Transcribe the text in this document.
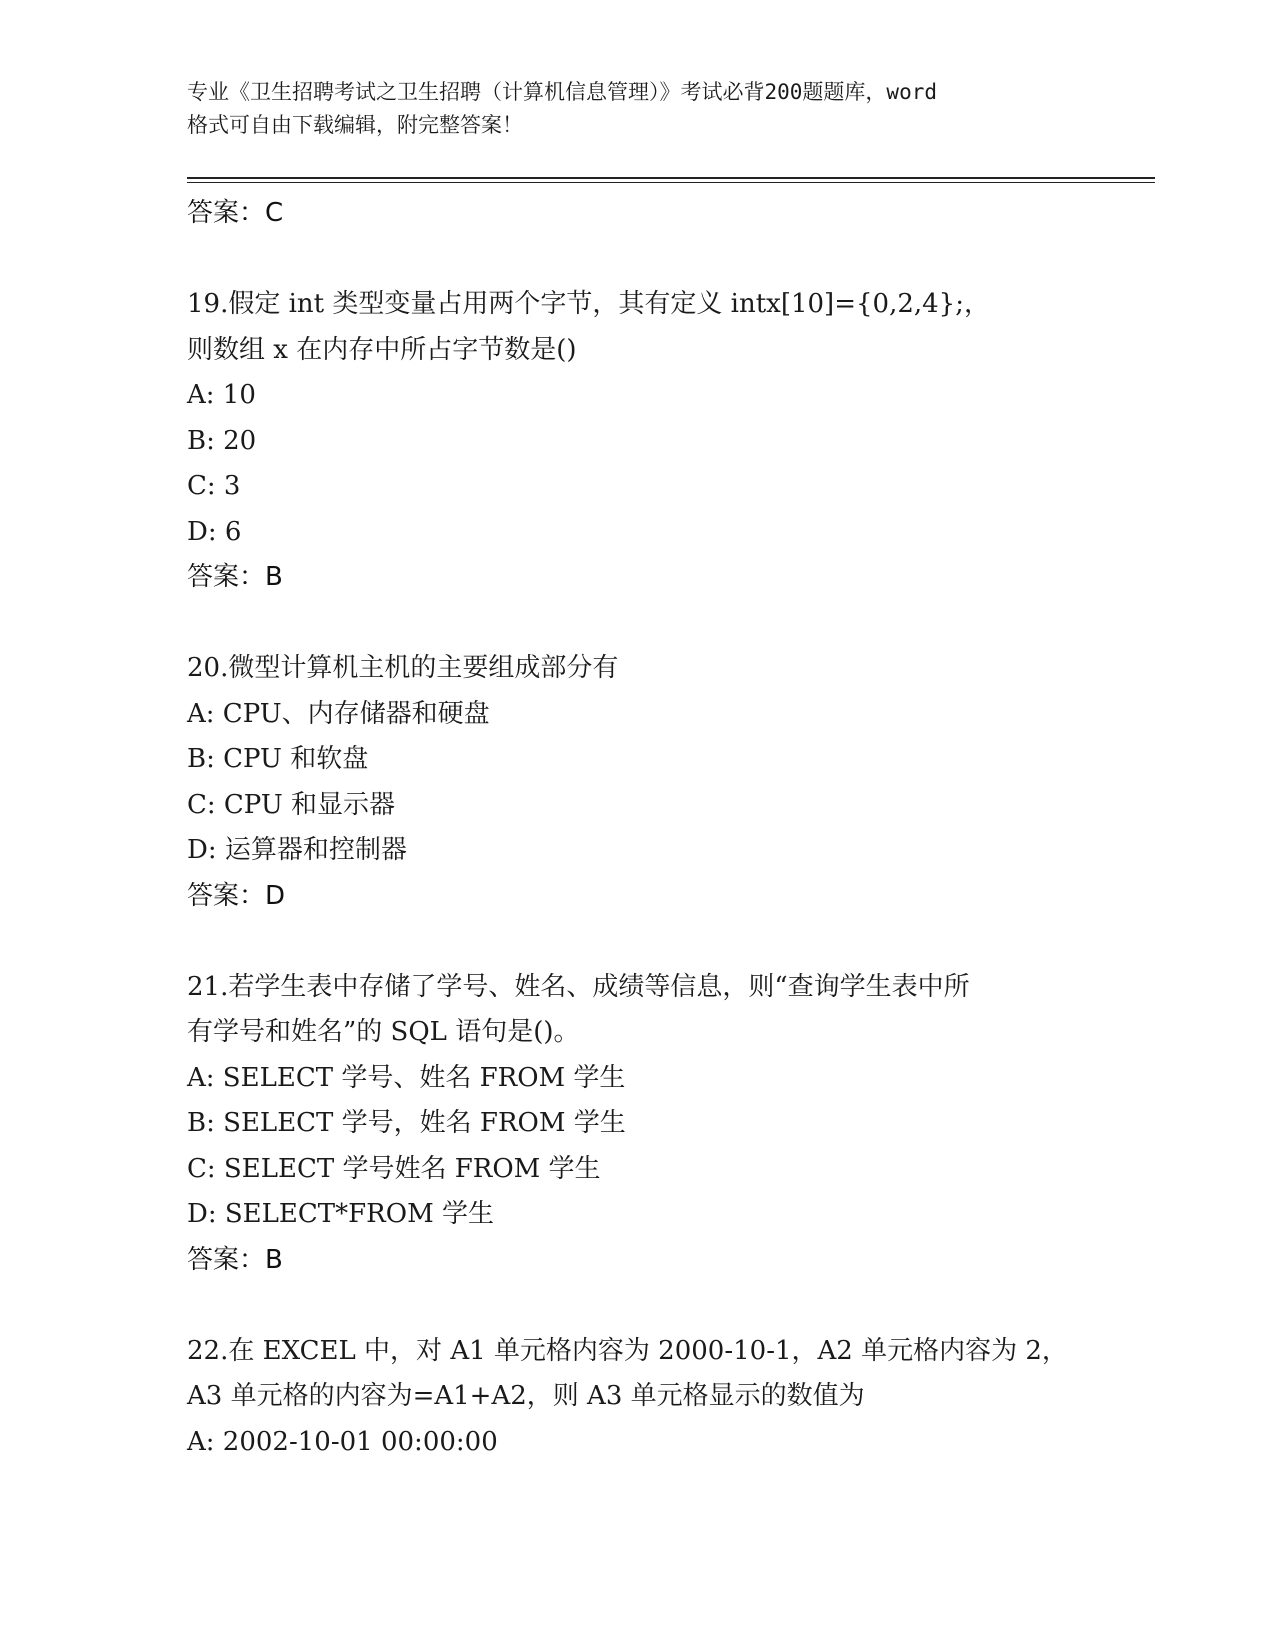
专业《卫生招聘考试之卫生招聘（计算机信息管理）》考试必背200题题库，word
格式可自由下载编辑，附完整答案！
答案：C
19.假定 int 类型变量占用两个字节，其有定义 intx[10]={0,2,4};，
则数组 x 在内存中所占字节数是()
A: 10
B: 20
C: 3
D: 6
答案：B
20.微型计算机主机的主要组成部分有
A: CPU、内存储器和硬盘
B: CPU 和软盘
C: CPU 和显示器
D: 运算器和控制器
答案：D
21.若学生表中存储了学号、姓名、成绩等信息，则“查询学生表中所
有学号和姓名”的 SQL 语句是()。
A: SELECT 学号、姓名 FROM 学生
B: SELECT 学号，姓名 FROM 学生
C: SELECT 学号姓名 FROM 学生
D: SELECT*FROM 学生
答案：B
22.在 EXCEL 中，对 A1 单元格内容为 2000-10-1，A2 单元格内容为 2，
A3 单元格的内容为=A1+A2，则 A3 单元格显示的数值为
A: 2002-10-01 00:00:00
